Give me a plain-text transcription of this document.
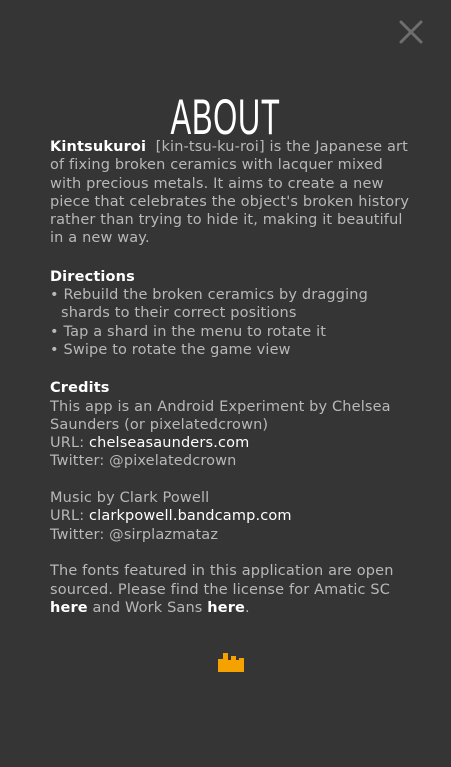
ABOUT

Kintsukuroi [kin-tsu-ku-roi] is the Japanese art of fixing broken ceramics with lacquer mixed with precious metals. It aims to create a new piece that celebrates the object's broken history rather than trying to hide it, making it beautiful in a new way.

Directions

• Rebuild the broken ceramics by dragging shards to their correct positions
• Tap a shard in the menu to rotate it
• Swipe to rotate the game view

Credits

This app is an Android Experiment by Chelsea Saunders (or pixelatedcrown)

URL: chelseasaunders.com

Twitter: @pixelatedcrown

Music by Clark Powell

URL: clarkpowell.bandcamp.com

Twitter: @sirplazmataz

The fonts featured in this application are open sourced. Please find the license for Amatic SC here and Work Sans here.
